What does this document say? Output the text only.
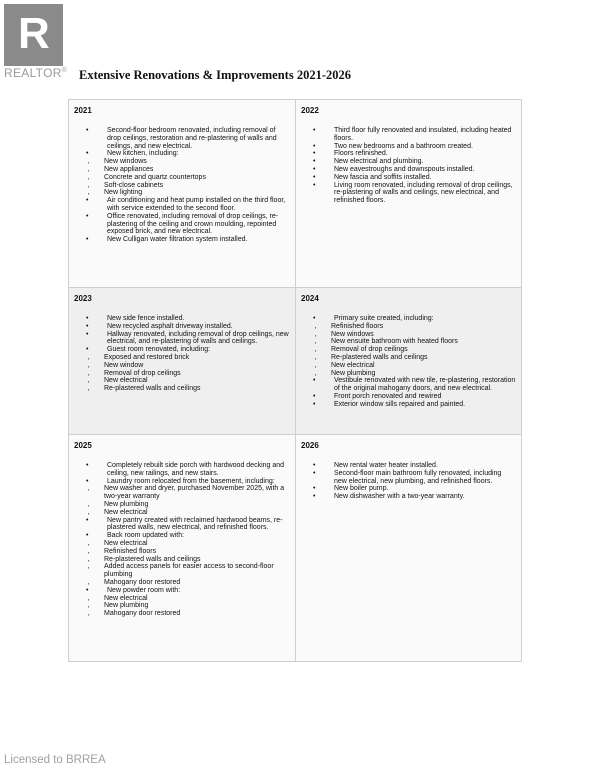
R
REALTOR® Extensive Renovations & Improvements 2021-2026
2021
• Second-floor bedroom renovated, including removal of drop ceilings, restoration and re-plastering of walls and ceilings, and new electrical.
• New kitchen, including:
▪ New windows
▪ New appliances
▪ Concrete and quartz countertops
▪ Soft-close cabinets
▪ New lighting
• Air conditioning and heat pump installed on the third floor, with service extended to the second floor.
• Office renovated, including removal of drop ceilings, re-plastering of the ceiling and crown moulding, repointed exposed brick, and new electrical.
• New Culligan water filtration system installed.
2022
• Third floor fully renovated and insulated, including heated floors.
• Two new bedrooms and a bathroom created.
• Floors refinished.
• New electrical and plumbing.
• New eavestroughs and downspouts installed.
• New fascia and soffits installed.
• Living room renovated, including removal of drop ceilings, re-plastering of walls and ceilings, new electrical, and refinished floors.
2023
• New side fence installed.
• New recycled asphalt driveway installed.
• Hallway renovated, including removal of drop ceilings, new electrical, and re-plastering of walls and ceilings.
• Guest room renovated, including:
▪ Exposed and restored brick
▪ New window
▪ Removal of drop ceilings
▪ New electrical
▪ Re-plastered walls and ceilings
2024
• Primary suite created, including:
▪ Refinished floors
▪ New windows
▪ New ensuite bathroom with heated floors
▪ Removal of drop ceilings
▪ Re-plastered walls and ceilings
▪ New electrical
▪ New plumbing
• Vestibule renovated with new tile, re-plastering, restoration of the original mahogany doors, and new electrical.
• Front porch renovated and rewired
• Exterior window sills repaired and painted.
2025
• Completely rebuilt side porch with hardwood decking and ceiling, new railings, and new stairs.
• Laundry room relocated from the basement, including:
▪ New washer and dryer, purchased November 2025, with a two-year warranty
▪ New plumbing
▪ New electrical
• New pantry created with reclaimed hardwood beams, re-plastered walls, new electrical, and refinished floors.
• Back room updated with:
▪ New electrical
▪ Refinished floors
▪ Re-plastered walls and ceilings
▪ Added access panels for easier access to second-floor plumbing
▪ Mahogany door restored
• New powder room with:
▪ New electrical
▪ New plumbing
▪ Mahogany door restored
2026
• New rental water heater installed.
• Second-floor main bathroom fully renovated, including new electrical, new plumbing, and refinished floors.
• New boiler pump.
• New dishwasher with a two-year warranty.
Licensed to BRREA
